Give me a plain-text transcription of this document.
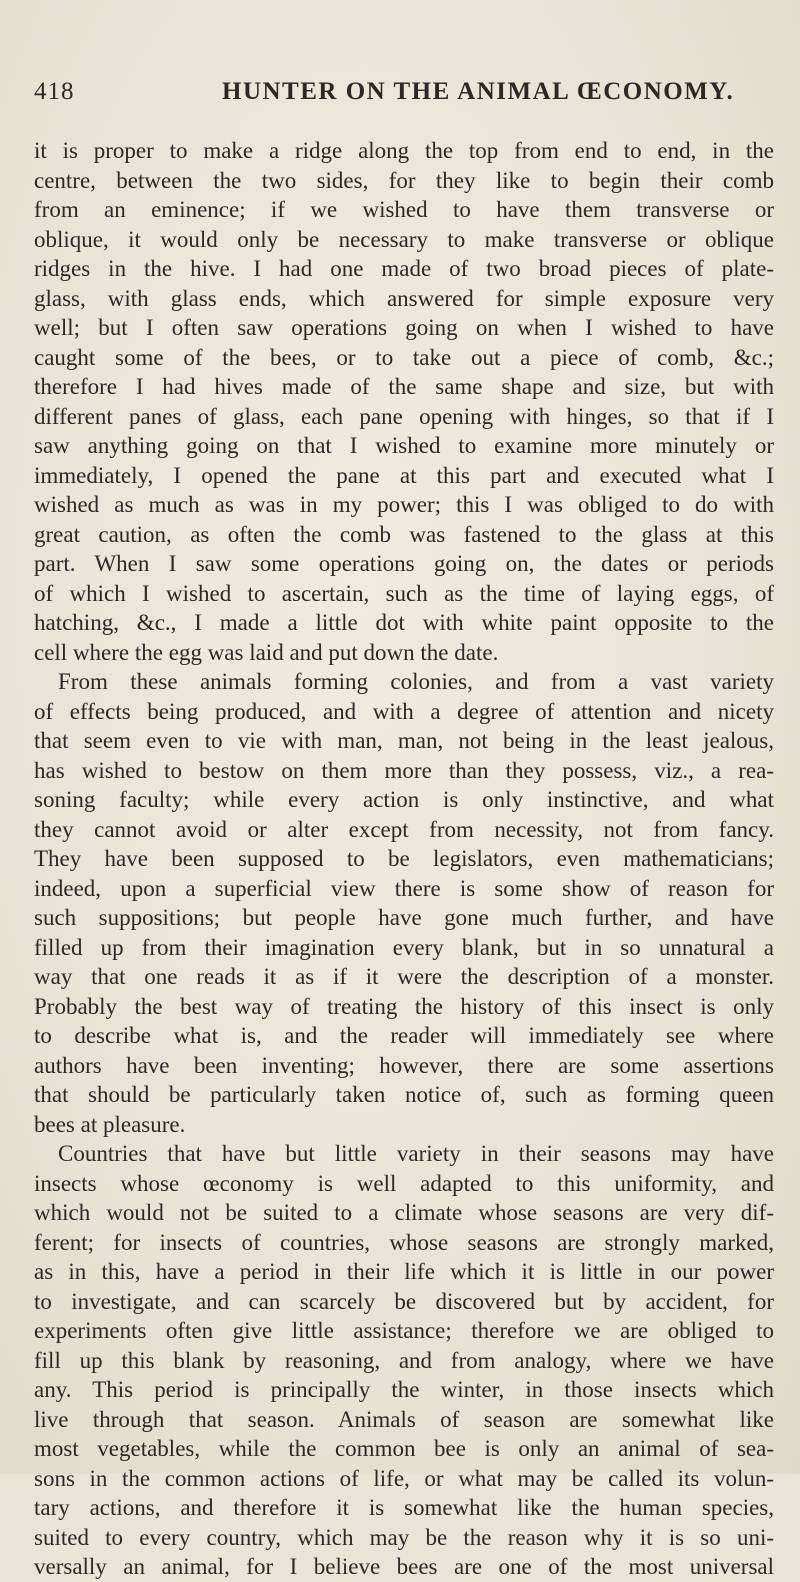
418	HUNTER ON THE ANIMAL ŒCONOMY.
it is proper to make a ridge along the top from end to end, in the
centre, between the two sides, for they like to begin their comb
from an eminence; if we wished to have them transverse or
oblique, it would only be necessary to make transverse or oblique
ridges in the hive. I had one made of two broad pieces of plate-
glass, with glass ends, which answered for simple exposure very
well; but I often saw operations going on when I wished to have
caught some of the bees, or to take out a piece of comb, &c.;
therefore I had hives made of the same shape and size, but with
different panes of glass, each pane opening with hinges, so that if I
saw anything going on that I wished to examine more minutely or
immediately, I opened the pane at this part and executed what I
wished as much as was in my power; this I was obliged to do with
great caution, as often the comb was fastened to the glass at this
part. When I saw some operations going on, the dates or periods
of which I wished to ascertain, such as the time of laying eggs, of
hatching, &c., I made a little dot with white paint opposite to the
cell where the egg was laid and put down the date.
From these animals forming colonies, and from a vast variety
of effects being produced, and with a degree of attention and nicety
that seem even to vie with man, man, not being in the least jealous,
has wished to bestow on them more than they possess, viz., a rea-
soning faculty; while every action is only instinctive, and what
they cannot avoid or alter except from necessity, not from fancy.
They have been supposed to be legislators, even mathematicians;
indeed, upon a superficial view there is some show of reason for
such suppositions; but people have gone much further, and have
filled up from their imagination every blank, but in so unnatural a
way that one reads it as if it were the description of a monster.
Probably the best way of treating the history of this insect is only
to describe what is, and the reader will immediately see where
authors have been inventing; however, there are some assertions
that should be particularly taken notice of, such as forming queen
bees at pleasure.
Countries that have but little variety in their seasons may have
insects whose œconomy is well adapted to this uniformity, and
which would not be suited to a climate whose seasons are very dif-
ferent; for insects of countries, whose seasons are strongly marked,
as in this, have a period in their life which it is little in our power
to investigate, and can scarcely be discovered but by accident, for
experiments often give little assistance; therefore we are obliged to
fill up this blank by reasoning, and from analogy, where we have
any. This period is principally the winter, in those insects which
live through that season. Animals of season are somewhat like
most vegetables, while the common bee is only an animal of sea-
sons in the common actions of life, or what may be called its volun-
tary actions, and therefore it is somewhat like the human species,
suited to every country, which may be the reason why it is so uni-
versally an animal, for I believe bees are one of the most universal
